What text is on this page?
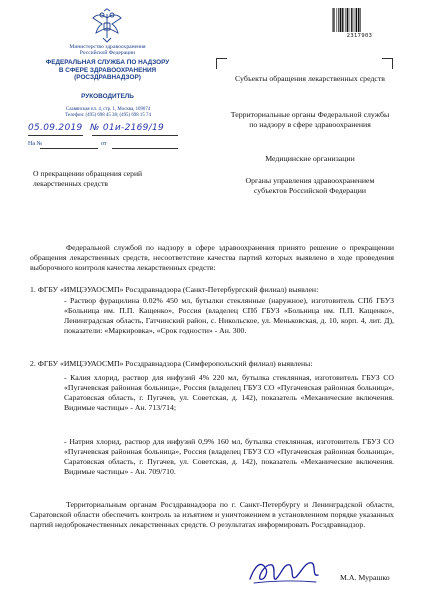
Министерство здравоохранения
Российской Федерации
ФЕДЕРАЛЬНАЯ СЛУЖБА ПО НАДЗОРУ
В СФЕРЕ ЗДРАВООХРАНЕНИЯ
(РОСЗДРАВНАДЗОР)
РУКОВОДИТЕЛЬ
Славянская пл. 4, стр. 1, Москва, 109074
Телефон: (495) 698 45 38; (495) 698 15 74
05.09.2019 № 01и-2169/19
На №	от
О прекращении обращения серий лекарственных средств
2317903
Субъекты обращения лекарственных средств
Территориальные органы Федеральной службы по надзору в сфере здравоохранения
Медицинские организации
Органы управления здравоохранением субъектов Российской Федерации

Федеральной службой по надзору в сфере здравоохранения принято решение о прекращении обращения лекарственных средств, несоответствие качества партий которых выявлено в ходе проведения выборочного контроля качества лекарственных средств:

1. ФГБУ «ИМЦЭУАОСМП» Росздравнадзора (Санкт-Петербургский филиал) выявлен:

- Раствор фурацилина 0.02% 450 мл, бутылки стеклянные (наружное), изготовитель СПб ГБУЗ «Больница им. П.П. Кащенко», Россия (владелец СПб ГБУЗ «Больница им. П.П. Кащенко», Ленинградская область, Гатчинский район, с. Никольское, ул. Меньковская, д. 10, корп. 4, лит. Д), показатели: «Маркировка», «Срок годности» - Ан. 300.

2. ФГБУ «ИМЦЭУАОСМП» Росздравнадзора (Симферопольский филиал) выявлены:

- Калия хлорид, раствор для инфузий 4% 220 мл, бутылка стеклянная, изготовитель ГБУЗ СО «Пугачевская районная больница», Россия (владелец ГБУЗ СО «Пугачевская районная больница», Саратовская область, г. Пугачев, ул. Советская, д. 142), показатель «Механические включения. Видимые частицы» - Ан. 713/714;

- Натрия хлорид, раствор для инфузий 0,9% 160 мл, бутылка стеклянная, изготовитель ГБУЗ СО «Пугачевская районная больница», Россия (владелец ГБУЗ СО «Пугачевская районная больница», Саратовская область, г. Пугачев, ул. Советская, д. 142), показатель «Механические включения. Видимые частицы» - Ан. 709/710.

Территориальным органам Росздравнадзора по г. Санкт-Петербургу и Ленинградской области, Саратовской области обеспечить контроль за изъятием и уничтожением в установленном порядке указанных партий недоброкачественных лекарственных средств. О результатах информировать Росздравнадзор.

М.А. Мурашко
